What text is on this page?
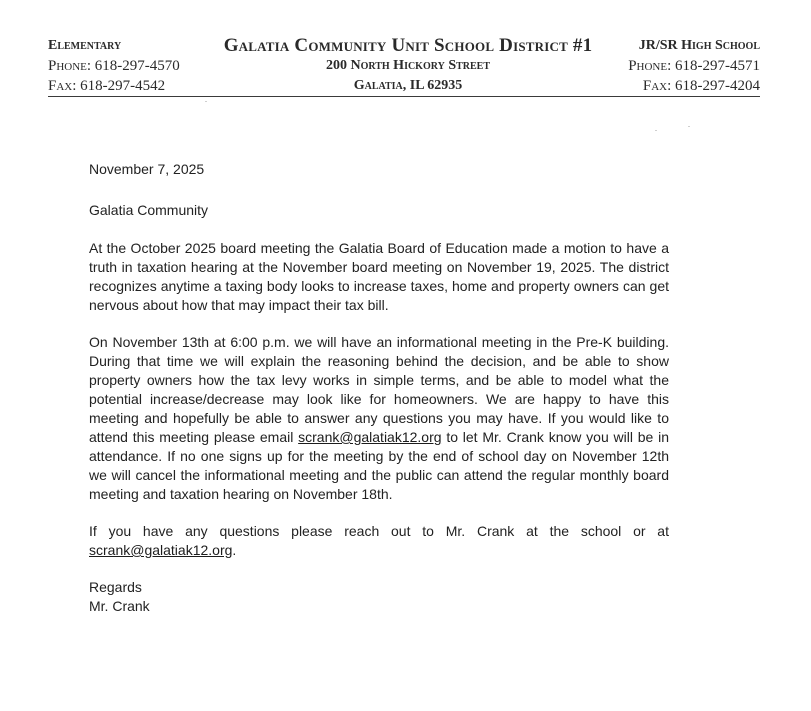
Elementary
Phone: 618-297-4570
Fax: 618-297-4542
Galatia Community Unit School District #1
200 North Hickory Street
Galatia, IL 62935
JR/SR High School
Phone: 618-297-4571
Fax: 618-297-4204

November 7, 2025

Galatia Community

At the October 2025 board meeting the Galatia Board of Education made a motion to have a truth in taxation hearing at the November board meeting on November 19, 2025. The district recognizes anytime a taxing body looks to increase taxes, home and property owners can get nervous about how that may impact their tax bill.

On November 13th at 6:00 p.m. we will have an informational meeting in the Pre-K building. During that time we will explain the reasoning behind the decision, and be able to show property owners how the tax levy works in simple terms, and be able to model what the potential increase/decrease may look like for homeowners. We are happy to have this meeting and hopefully be able to answer any questions you may have. If you would like to attend this meeting please email scrank@galatiak12.org to let Mr. Crank know you will be in attendance. If no one signs up for the meeting by the end of school day on November 12th we will cancel the informational meeting and the public can attend the regular monthly board meeting and taxation hearing on November 18th.

If you have any questions please reach out to Mr. Crank at the school or at
scrank@galatiak12.org.

Regards
Mr. Crank
